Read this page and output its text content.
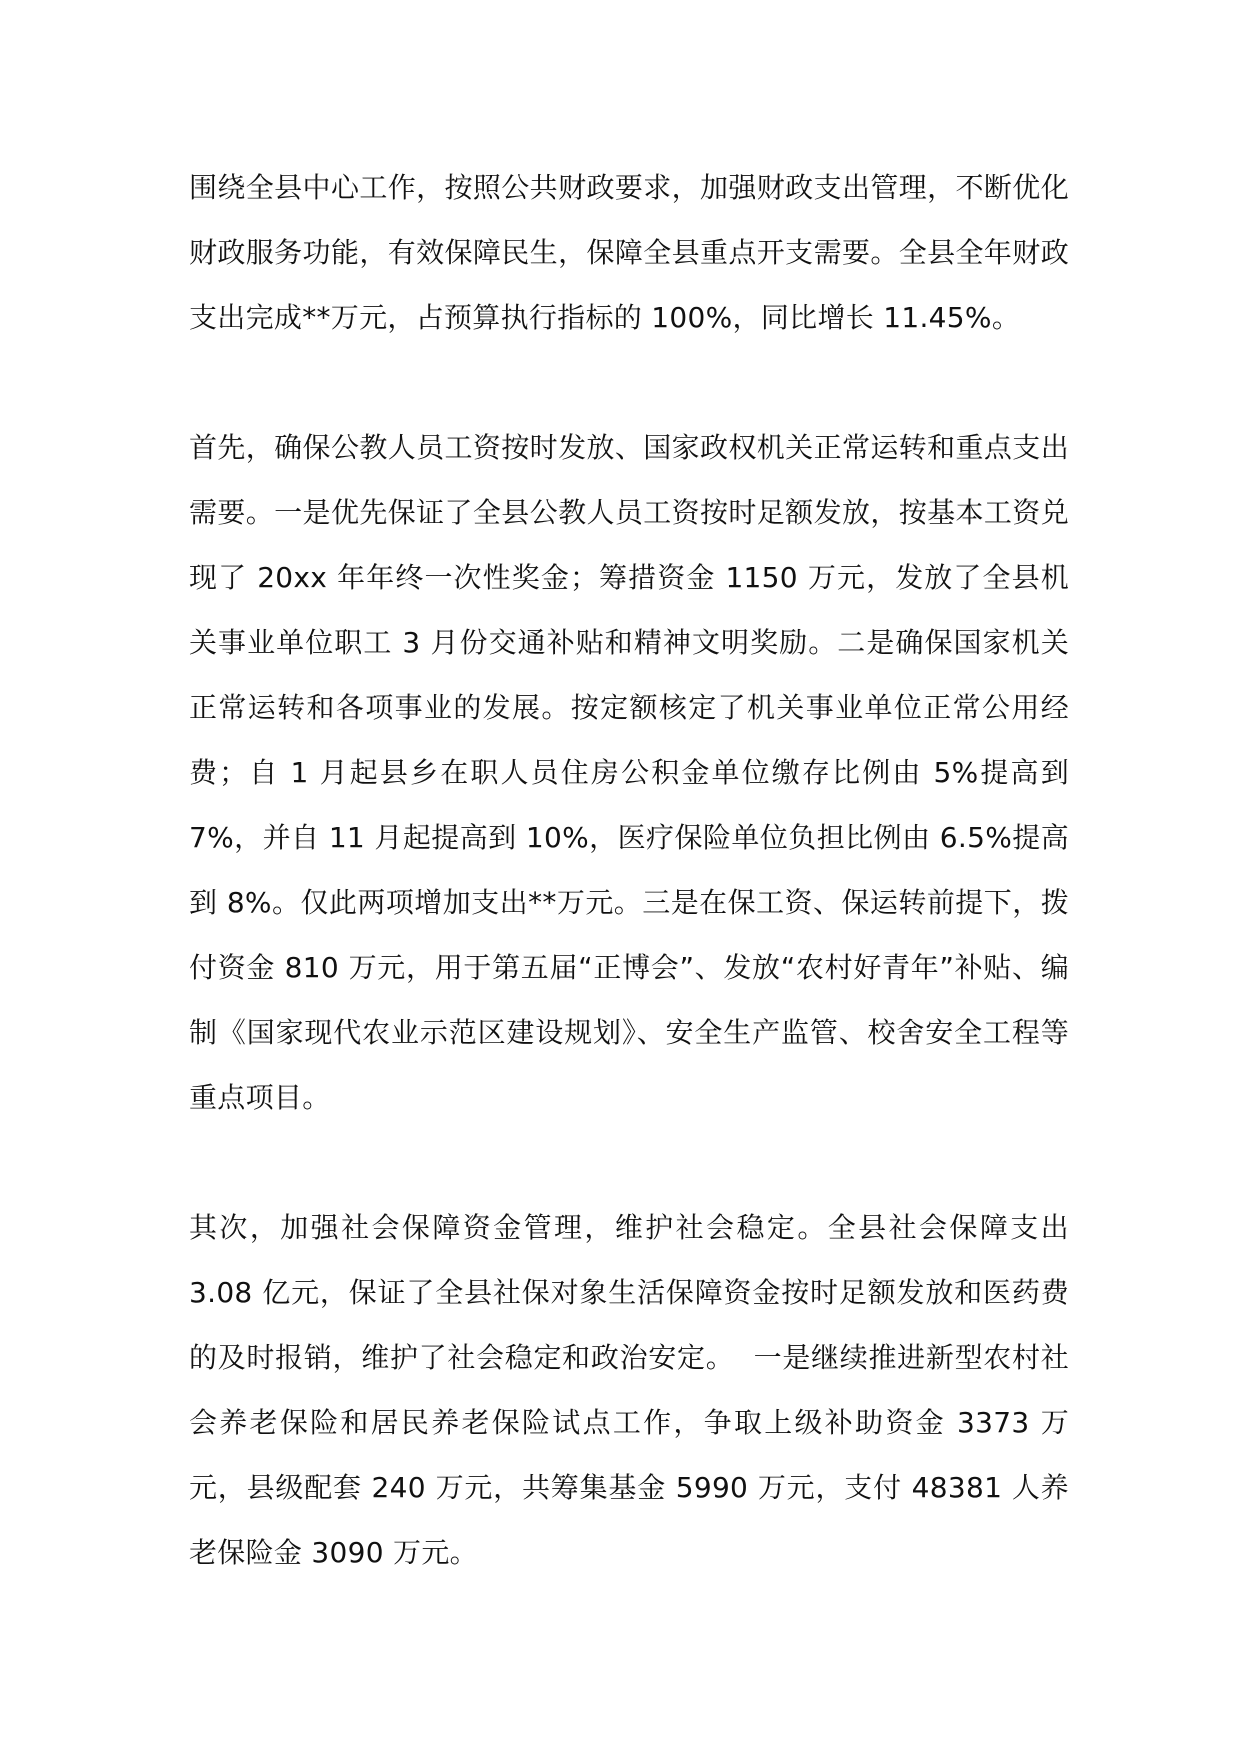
围绕全县中心工作，按照公共财政要求，加强财政支出管理，不断优化财政服务功能，有效保障民生，保障全县重点开支需要。全县全年财政支出完成**万元，占预算执行指标的 100%，同比增长 11.45%。

首先，确保公教人员工资按时发放、国家政权机关正常运转和重点支出需要。一是优先保证了全县公教人员工资按时足额发放，按基本工资兑现了 20xx 年年终一次性奖金；筹措资金 1150 万元，发放了全县机关事业单位职工 3 月份交通补贴和精神文明奖励。二是确保国家机关正常运转和各项事业的发展。按定额核定了机关事业单位正常公用经费；自 1 月起县乡在职人员住房公积金单位缴存比例由 5%提高到 7%，并自 11 月起提高到 10%，医疗保险单位负担比例由 6.5%提高到 8%。仅此两项增加支出**万元。三是在保工资、保运转前提下，拨付资金 810 万元，用于第五届“正博会”、发放“农村好青年”补贴、编制《国家现代农业示范区建设规划》、安全生产监管、校舍安全工程等重点项目。

其次，加强社会保障资金管理，维护社会稳定。全县社会保障支出 3.08 亿元，保证了全县社保对象生活保障资金按时足额发放和医药费的及时报销，维护了社会稳定和政治安定。  一是继续推进新型农村社会养老保险和居民养老保险试点工作，争取上级补助资金 3373 万元，县级配套 240 万元，共筹集基金 5990 万元，支付 48381 人养老保险金 3090 万元。
